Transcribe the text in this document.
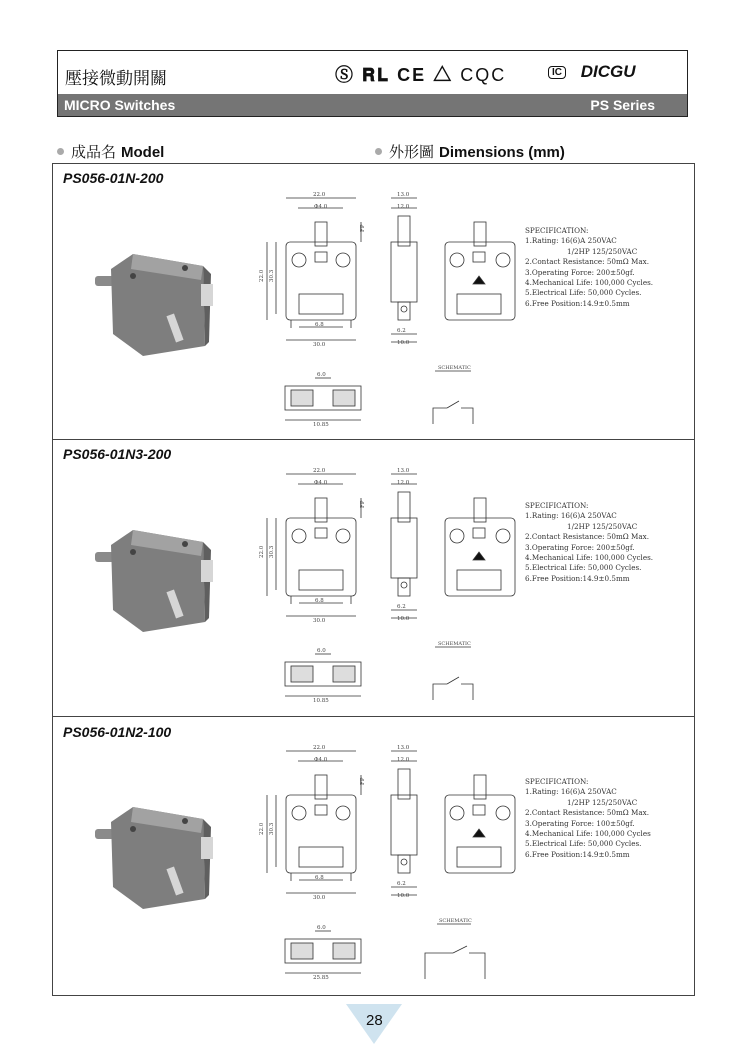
壓接微動開關	Ⓢ 𝐑𝐋 CE △ CQC	IC DICGU
MICRO Switches	PS Series
成品名 Model	外形圖 Dimensions (mm)
PS056-01N-200
22.0
Φ4.0
30.0
6.8
22.0 30.3
FP
13.0
12.0
6.2
10.0
6.0
10.85
SCHEMATIC
SPECIFICATION:
1.Rating: 16(6)A 250VAC
1/2HP 125/250VAC
2.Contact Resistance: 50mΩ Max.
3.Operating Force: 200±50gf.
4.Mechanical Life: 100,000 Cycles.
5.Electrical Life: 50,000 Cycles.
6.Free Position:14.9±0.5mm
PS056-01N3-200
22.0
Φ4.0
30.0
6.8
22.0 30.3
FP
13.0
12.0
6.2
10.0
6.0
10.85
SCHEMATIC
SPECIFICATION:
1.Rating: 16(6)A 250VAC
1/2HP 125/250VAC
2.Contact Resistance: 50mΩ Max.
3.Operating Force: 200±50gf.
4.Mechanical Life: 100,000 Cycles.
5.Electrical Life: 50,000 Cycles.
6.Free Position:14.9±0.5mm
PS056-01N2-100
22.0
Φ4.0
30.0
6.8
22.0 30.3
FP
13.0
12.0
6.2
10.0
6.0
25.85
SCHEMATIC
SPECIFICATION:
1.Rating: 16(6)A 250VAC
1/2HP 125/250VAC
2.Contact Resistance: 50mΩ Max.
3.Operating Force: 100±50gf.
4.Mechanical Life: 100,000 Cycles
5.Electrical Life: 50,000 Cycles.
6.Free Position:14.9±0.5mm
28
